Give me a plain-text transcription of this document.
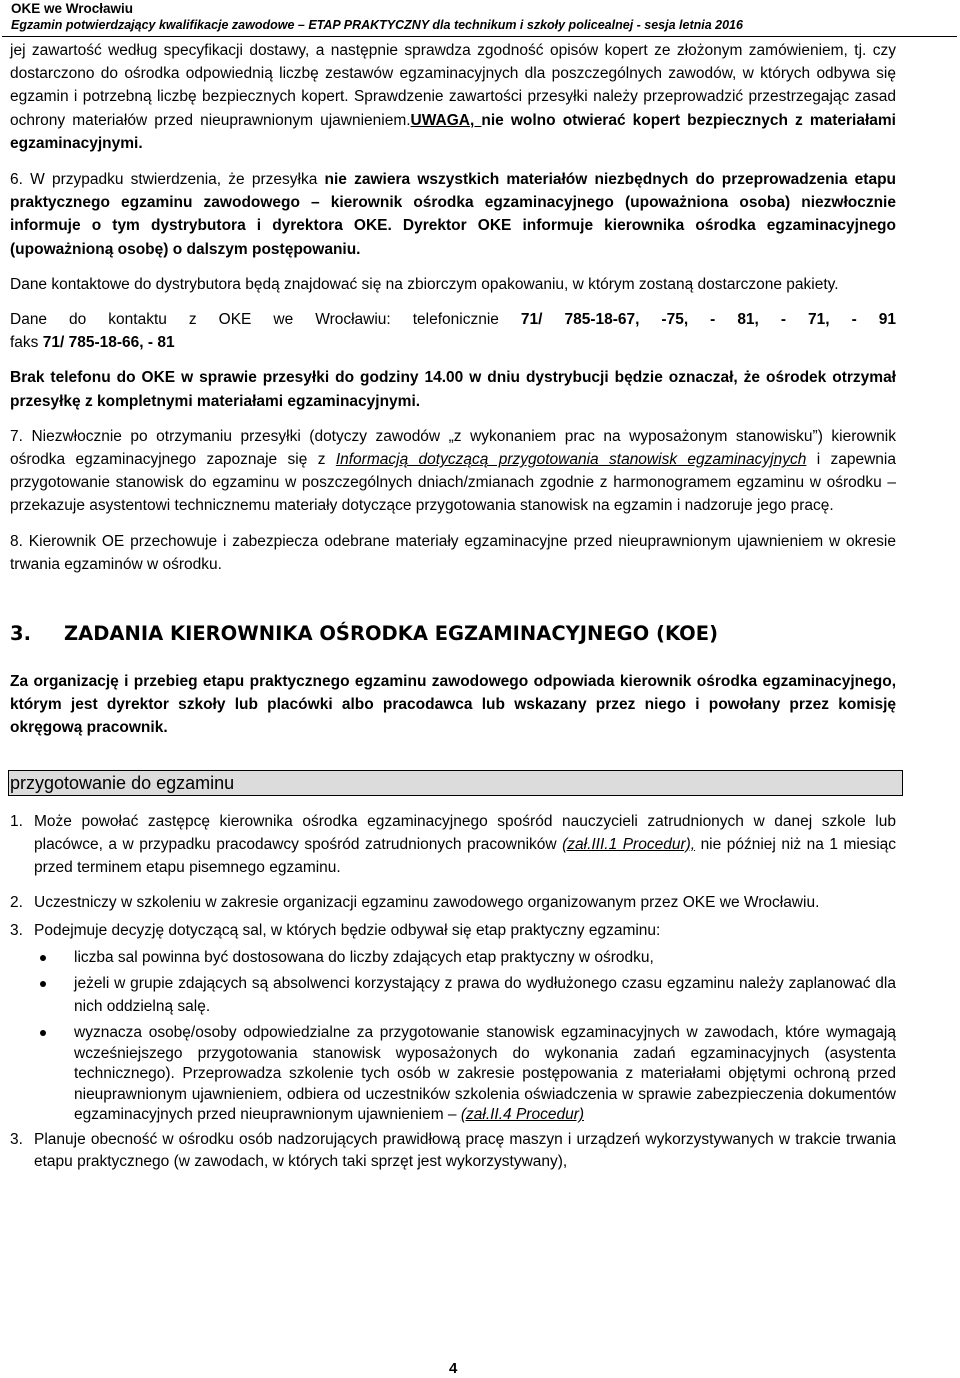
OKE we Wrocławiu
Egzamin potwierdzający kwalifikacje zawodowe – ETAP PRAKTYCZNY dla technikum i szkoły policealnej - sesja letnia 2016

jej zawartość według specyfikacji dostawy, a następnie sprawdza zgodność opisów kopert ze złożonym zamówieniem, tj. czy dostarczono do ośrodka odpowiednią liczbę zestawów egzaminacyjnych dla poszczególnych zawodów, w których odbywa się egzamin i potrzebną liczbę bezpiecznych kopert. Sprawdzenie zawartości przesyłki należy przeprowadzić przestrzegając zasad ochrony materiałów przed nieuprawnionym ujawnieniem.UWAGA, nie wolno otwierać kopert bezpiecznych z materiałami egzaminacyjnymi.

6. W przypadku stwierdzenia, że przesyłka nie zawiera wszystkich materiałów niezbędnych do przeprowadzenia etapu praktycznego egzaminu zawodowego – kierownik ośrodka egzaminacyjnego (upoważniona osoba) niezwłocznie informuje o tym dystrybutora i dyrektora OKE. Dyrektor OKE informuje kierownika ośrodka egzaminacyjnego (upoważnioną osobę) o dalszym postępowaniu.

Dane kontaktowe do dystrybutora będą znajdować się na zbiorczym opakowaniu, w którym zostaną dostarczone pakiety.

Dane do kontaktu z OKE we Wrocławiu: telefonicznie 71/ 785-18-67, -75, - 81, - 71, - 91

faks 71/ 785-18-66, - 81

Brak telefonu do OKE w sprawie przesyłki do godziny 14.00 w dniu dystrybucji będzie oznaczał, że ośrodek otrzymał przesyłkę z kompletnymi materiałami egzaminacyjnymi.

7. Niezwłocznie po otrzymaniu przesyłki (dotyczy zawodów „z wykonaniem prac na wyposażonym stanowisku”) kierownik ośrodka egzaminacyjnego zapoznaje się z Informacją dotyczącą przygotowania stanowisk egzaminacyjnych i zapewnia przygotowanie stanowisk do egzaminu w poszczególnych dniach/zmianach zgodnie z harmonogramem egzaminu w ośrodku – przekazuje asystentowi technicznemu materiały dotyczące przygotowania stanowisk na egzamin i nadzoruje jego pracę.

8. Kierownik OE przechowuje i zabezpiecza odebrane materiały egzaminacyjne przed nieuprawnionym ujawnieniem w okresie trwania egzaminów w ośrodku.

3. ZADANIA KIEROWNIKA OŚRODKA EGZAMINACYJNEGO (KOE)

Za organizację i przebieg etapu praktycznego egzaminu zawodowego odpowiada kierownik ośrodka egzaminacyjnego, którym jest dyrektor szkoły lub placówki albo pracodawca lub wskazany przez niego i powołany przez komisję okręgową pracownik.

przygotowanie do egzaminu
1. Może powołać zastępcę kierownika ośrodka egzaminacyjnego spośród nauczycieli zatrudnionych w danej szkole lub placówce, a w przypadku pracodawcy spośród zatrudnionych pracowników (zał.III.1 Procedur), nie później niż na 1 miesiąc przed terminem etapu pisemnego egzaminu.
2. Uczestniczy w szkoleniu w zakresie organizacji egzaminu zawodowego organizowanym przez OKE we Wrocławiu.
3. Podejmuje decyzję dotyczącą sal, w których będzie odbywał się etap praktyczny egzaminu:
liczba sal powinna być dostosowana do liczby zdających etap praktyczny w ośrodku,
jeżeli w grupie zdających są absolwenci korzystający z prawa do wydłużonego czasu egzaminu należy zaplanować dla nich oddzielną salę.
wyznacza osobę/osoby odpowiedzialne za przygotowanie stanowisk egzaminacyjnych w zawodach, które wymagają wcześniejszego przygotowania stanowisk wyposażonych do wykonania zadań egzaminacyjnych (asystenta technicznego). Przeprowadza szkolenie tych osób w zakresie postępowania z materiałami objętymi ochroną przed nieuprawnionym ujawnieniem, odbiera od uczestników szkolenia oświadczenia w sprawie zabezpieczenia dokumentów egzaminacyjnych przed nieuprawnionym ujawnieniem – (zał.II.4 Procedur)
3. Planuje obecność w ośrodku osób nadzorujących prawidłową pracę maszyn i urządzeń wykorzystywanych w trakcie trwania etapu praktycznego (w zawodach, w których taki sprzęt jest wykorzystywany),
4
